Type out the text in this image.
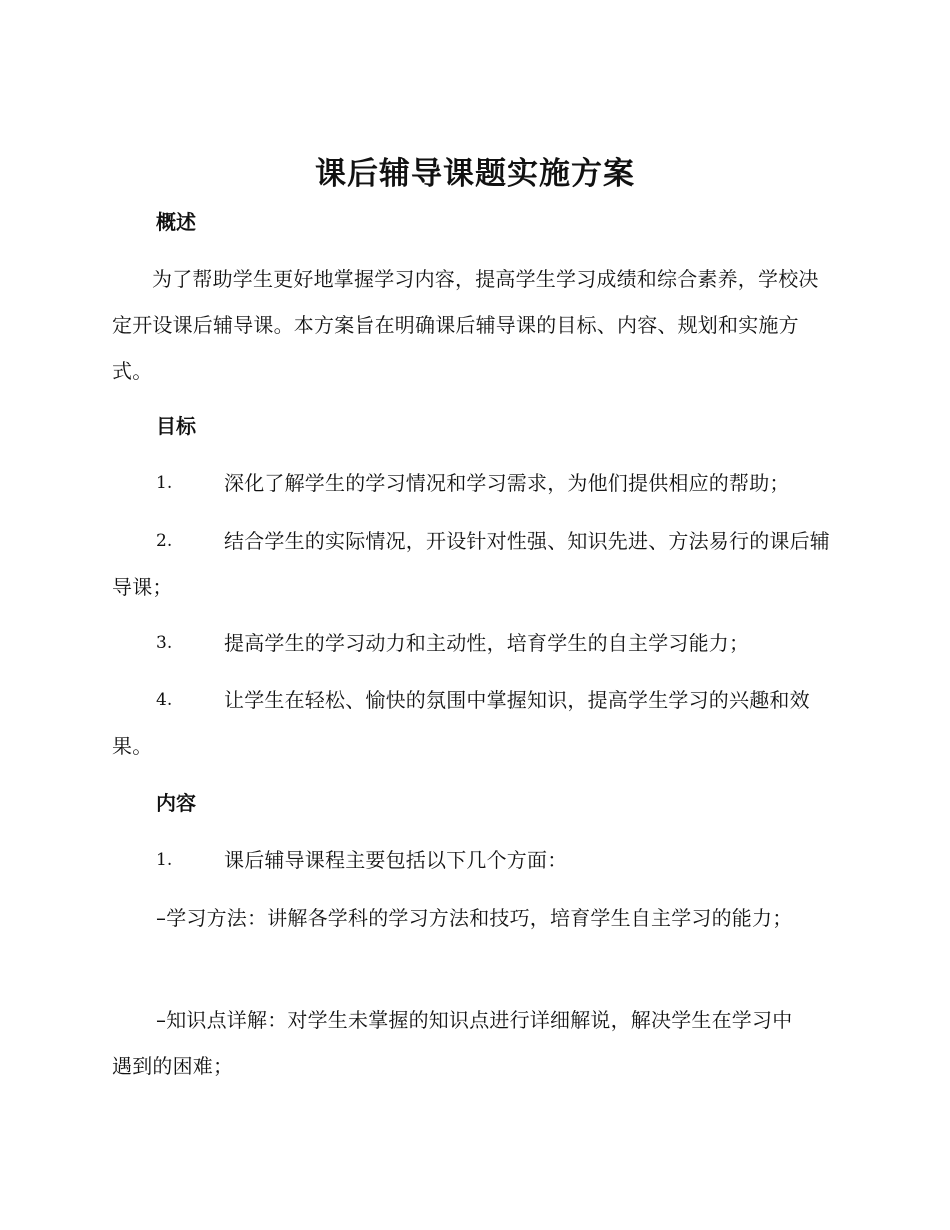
课后辅导课题实施方案
概述
为了帮助学生更好地掌握学习内容，提高学生学习成绩和综合素养，学校决定开设课后辅导课。本方案旨在明确课后辅导课的目标、内容、规划和实施方式。
目标
1.	深化了解学生的学习情况和学习需求，为他们提供相应的帮助；
2.	结合学生的实际情况，开设针对性强、知识先进、方法易行的课后辅导课；
3.	提高学生的学习动力和主动性，培育学生的自主学习能力；
4.	让学生在轻松、愉快的氛围中掌握知识，提高学生学习的兴趣和效果。
内容
1.	课后辅导课程主要包括以下几个方面：
–学习方法：讲解各学科的学习方法和技巧，培育学生自主学习的能力；
–知识点详解：对学生未掌握的知识点进行详细解说，解决学生在学习中遇到的困难；
